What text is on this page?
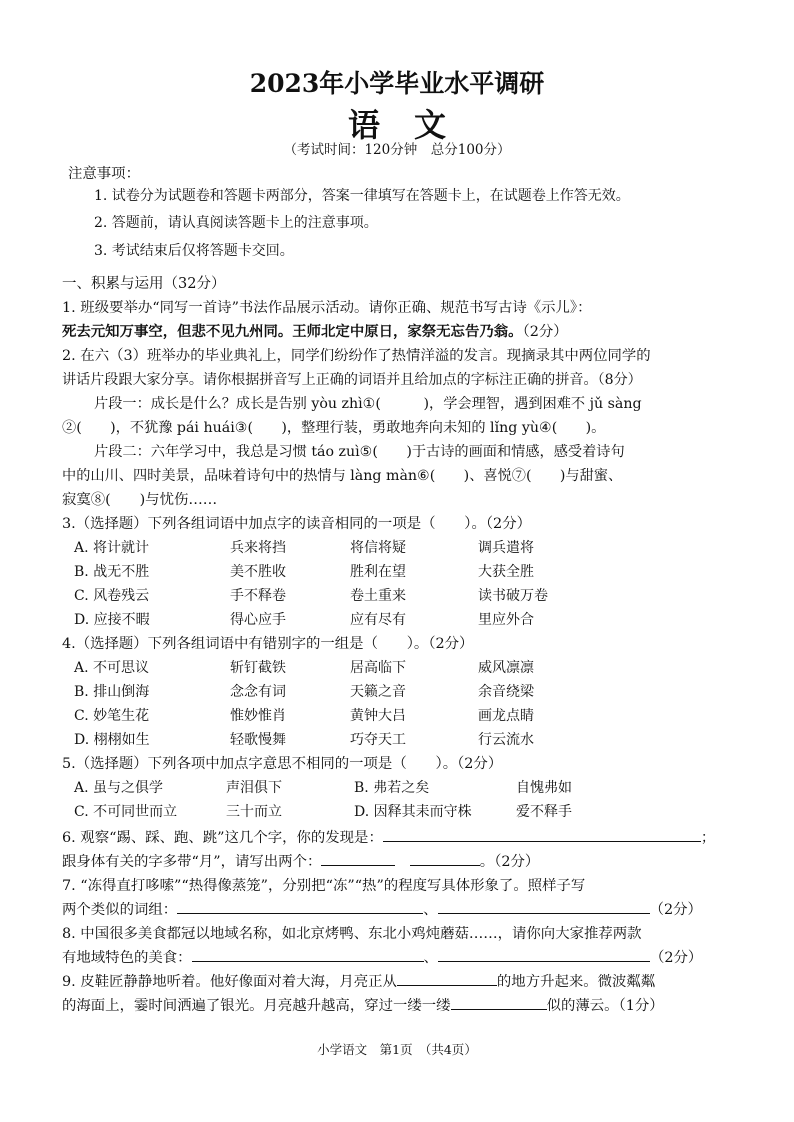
2023年小学毕业水平调研
语文
（考试时间：120分钟　总分100分）
注意事项：
1. 试卷分为试题卷和答题卡两部分，答案一律填写在答题卡上，在试题卷上作答无效。
2. 答题前，请认真阅读答题卡上的注意事项。
3. 考试结束后仅将答题卡交回。
一、积累与运用（32分）
1. 班级要举办“同写一首诗”书法作品展示活动。请你正确、规范书写古诗《示儿》：
死去元知万事空，但悲不见九州同。王师北定中原日，家祭无忘告乃翁。（2分）
2. 在六（3）班举办的毕业典礼上，同学们纷纷作了热情洋溢的发言。现摘录其中两位同学的
讲话片段跟大家分享。请你根据拼音写上正确的词语并且给加点的字标注正确的拼音。（8分）
片段一：成长是什么？成长是告别 yòu zhì①(　　　)，学会理智，遇到困难不 jǔ sàng
②(　　)，不犹豫 pái huái③(　　)，整理行装，勇敢地奔向未知的 lǐng yù④(　　)。
片段二：六年学习中，我总是习惯 táo zuì⑤(　　)于古诗的画面和情感，感受着诗句
中的山川、四时美景，品味着诗句中的热情与 làng màn⑥(　　)、喜悦⑦(　　)与甜蜜、
寂寞⑧(　　)与忧伤……
3.（选择题）下列各组词语中加点字的读音相同的一项是（　　）。（2分）
A. 将计就计	兵来将挡	将信将疑	调兵遣将
B. 战无不胜	美不胜收	胜利在望	大获全胜
C. 风卷残云	手不释卷	卷土重来	读书破万卷
D. 应接不暇	得心应手	应有尽有	里应外合
4.（选择题）下列各组词语中有错别字的一组是（　　）。（2分）
A. 不可思议	斩钉截铁	居高临下	威风凛凛
B. 排山倒海	念念有词	天籁之音	余音绕梁
C. 妙笔生花	惟妙惟肖	黄钟大吕	画龙点睛
D. 栩栩如生	轻歌慢舞	巧夺天工	行云流水
5.（选择题）下列各项中加点字意思不相同的一项是（　　）。（2分）
A. 虽与之俱学	声泪俱下	B. 弗若之矣	自愧弗如
C. 不可同世而立	三十而立	D. 因释其耒而守株	爱不释手
6. 观察“踢、踩、跑、跳”这几个字，你的发现是：	；
跟身体有关的字多带“月”，请写出两个：　	。（2分）
7. “冻得直打哆嗦”“热得像蒸笼”，分别把“冻”“热”的程度写具体形象了。照样子写
两个类似的词组：	、	（2分）
8. 中国很多美食都冠以地域名称，如北京烤鸭、东北小鸡炖蘑菇……，请你向大家推荐两款
有地域特色的美食：	、	（2分）
9. 皮鞋匠静静地听着。他好像面对着大海，月亮正从	的地方升起来。微波粼粼
的海面上，霎时间洒遍了银光。月亮越升越高，穿过一缕一缕	似的薄云。（1分）
小学语文　第1页　（共4页）
